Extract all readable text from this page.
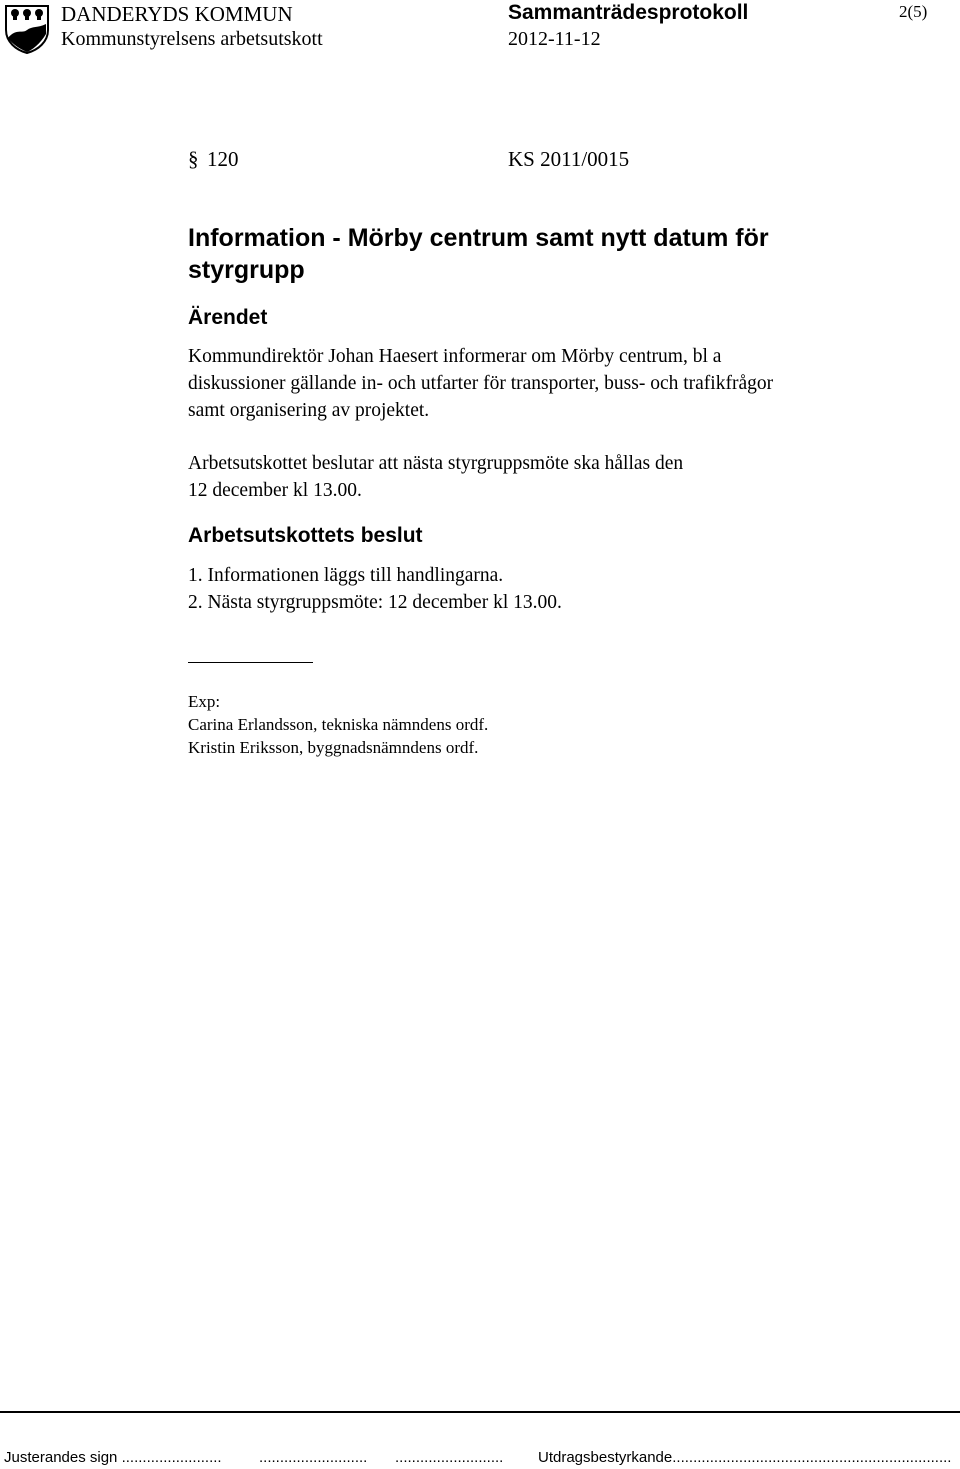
DANDERYDS KOMMUN
Kommunstyrelsens arbetsutskott
Sammanträdesprotokoll
2012-11-12
2(5)
§ 120	KS 2011/0015
Information - Mörby centrum samt nytt datum för styrgrupp
Ärendet
Kommundirektör Johan Haesert informerar om Mörby centrum, bl a
diskussioner gällande in- och utfarter för transporter, buss- och trafikfrågor
samt organisering av projektet.
Arbetsutskottet beslutar att nästa styrgruppsmöte ska hållas den
12 december kl 13.00.
Arbetsutskottets beslut
1. Informationen läggs till handlingarna.
2. Nästa styrgruppsmöte: 12 december kl 13.00.
Exp:
Carina Erlandsson, tekniska nämndens ordf.
Kristin Eriksson, byggnadsnämndens ordf.
Justerandes sign ........................ .......................... .......................... Utdragsbestyrkande...................................................................
